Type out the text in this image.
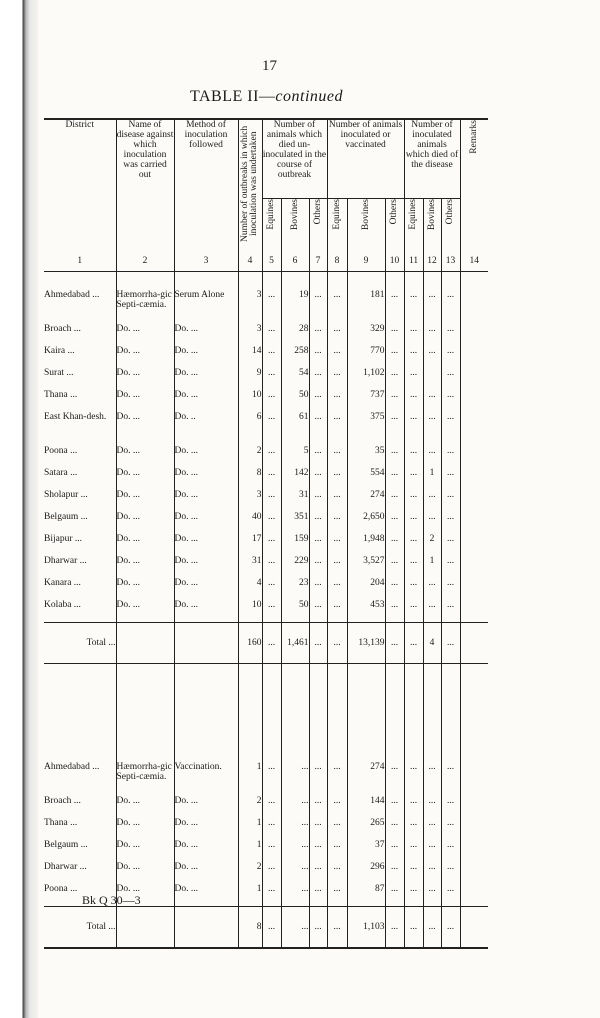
17
TABLE II—continued
District	Name of disease against which inoculation was carried out	Method of inoculation followed	Number of outbreaks in which inoculation was undertaken	Number of animals which died un-inoculated in the course of outbreak			Number of animals inoculated or vaccinated			Number of inoculated animals which died of the disease			Remarks
				Equines	Bovines	Others	Equines	Bovines	Others	Equines	Bovines	Others	
1	2	3	4	5	6	7	8	9	10	11	12	13	14

Ahmedabad ...	Hæmorrha-gic Septi-cæmia.	Serum Alone	3	...	19	...	...	181	...	...	...	...	
Broach ...	Do. ...	Do. ...	3	...	28	...	...	329	...	...	...	...	
Kaira ...	Do. ...	Do. ...	14	...	258	...	...	770	...	...	...	...	
Surat ...	Do. ...	Do. ...	9	...	54	...	...	1,102	...	...		...	
Thana ...	Do. ...	Do. ...	10	...	50	...	...	737	...	...	...	...	
East Khan-desh.	Do. ...	Do. ..	6	...	61	...	...	375	...	...	...	...	
Poona ...	Do. ...	Do. ...	2	...	5	...	...	35	...	...	...	...	
Satara ...	Do. ...	Do. ...	8	...	142	...	...	554	...	...	1	...	
Sholapur ...	Do. ...	Do. ...	3	...	31	...	...	274	...	...	...	...	
Belgaum ...	Do. ...	Do. ...	40	...	351	...	...	2,650	...	...	...	...	
Bijapur ...	Do. ...	Do. ...	17	...	159	...	...	1,948	...	...	2	...	
Dharwar ...	Do. ...	Do. ...	31	...	229	...	...	3,527	...	...	1	...	
Kanara ...	Do. ...	Do. ...	4	...	23	...	...	204	...	...	...	...	
Kolaba ...	Do. ...	Do. ...	10	...	50	...	...	453	...	...	...	...	
Total ...			160	...	1,461	...	...	13,139	...	...	4	...	

Ahmedabad ...	Hæmorrha-gic Septi-cæmia.	Vaccination.	1	...	...	...	...	274	...	...	...	...	
Broach ...	Do. ...	Do. ...	2	...	...	...	...	144	...	...	...	...	
Thana ...	Do. ...	Do. ...	1	...	...	...	...	265	...	...	...	...	
Belgaum ...	Do. ...	Do. ...	1	...	...	...	...	37	...	...	...	...	
Dharwar ...	Do. ...	Do. ...	2	...	...	...	...	296	...	...	...	...	
Poona ...	Do. ...	Do. ...	1	...	...	...	...	87	...	...	...	...	
Total ...			8	...	...	...	...	1,103	...	...	...	...	
Bk Q 30—3
